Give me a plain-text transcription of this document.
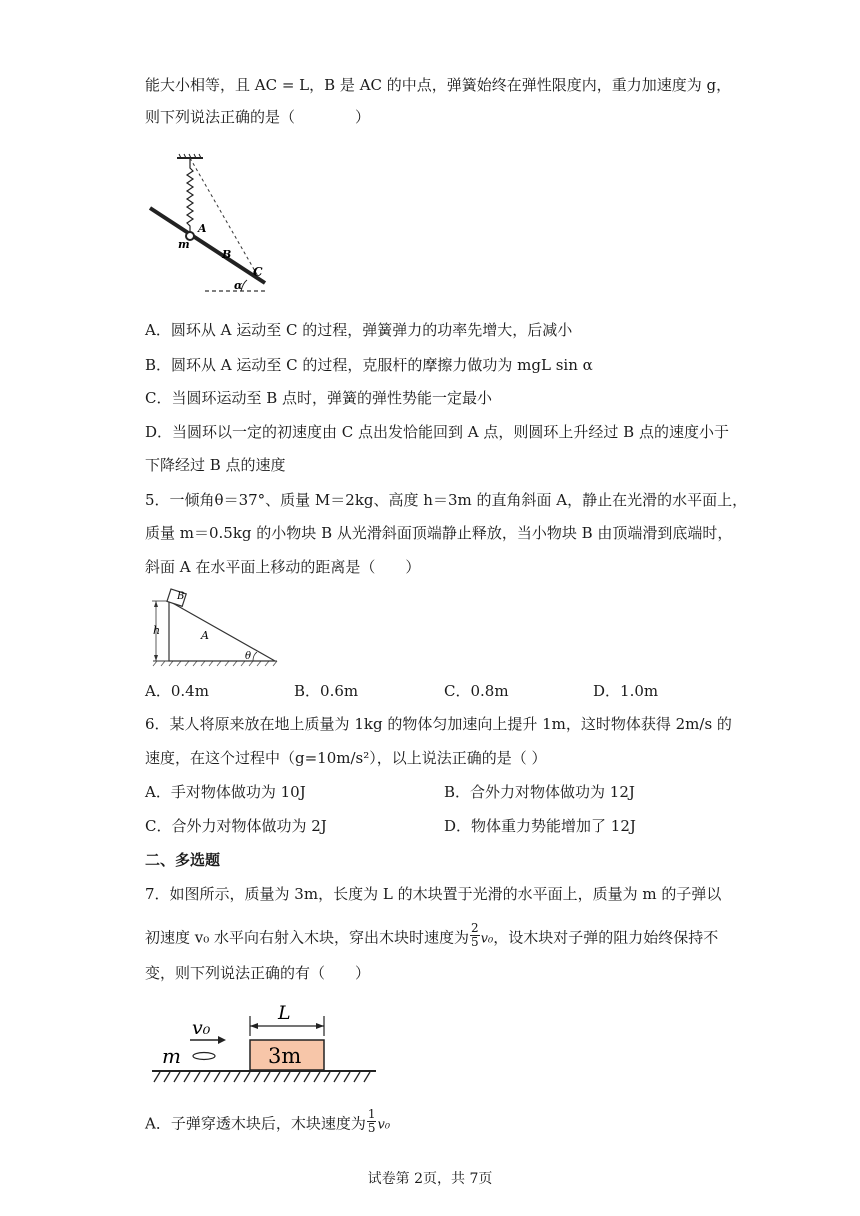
能大小相等，且 AC = L，B 是 AC 的中点，弹簧始终在弹性限度内，重力加速度为 g，
则下列说法正确的是（　　　　）
A
m
B
C
α
A．圆环从 A 运动至 C 的过程，弹簧弹力的功率先增大，后减小
B．圆环从 A 运动至 C 的过程，克服杆的摩擦力做功为 mgL sin α
C．当圆环运动至 B 点时，弹簧的弹性势能一定最小
D．当圆环以一定的初速度由 C 点出发恰能回到 A 点，则圆环上升经过 B 点的速度小于
下降经过 B 点的速度
5．一倾角θ＝37°、质量 M＝2kg、高度 h＝3m 的直角斜面 A，静止在光滑的水平面上，
质量 m＝0.5kg 的小物块 B 从光滑斜面顶端静止释放，当小物块 B 由顶端滑到底端时，
斜面 A 在水平面上移动的距离是（　　）
B
h	A
θ
A．0.4m	B．0.6m	C．0.8m	D．1.0m
6．某人将原来放在地上质量为 1kg 的物体匀加速向上提升 1m，这时物体获得 2m/s 的
速度，在这个过程中（g=10m/s²），以上说法正确的是（ ）
A．手对物体做功为 10J	B．合外力对物体做功为 12J
C．合外力对物体做功为 2J	D．物体重力势能增加了 12J
二、多选题
7．如图所示，质量为 3m，长度为 L 的木块置于光滑的水平面上，质量为 m 的子弹以
初速度 v₀ 水平向右射入木块，穿出木块时速度为 $\frac{2}{5} v_0$，设木块对子弹的阻力始终保持不
变，则下列说法正确的有（　　）
v₀
m
L
3m
A．子弹穿透木块后，木块速度为 $\frac{1}{5} v_0$
试卷第 2页，共 7页
